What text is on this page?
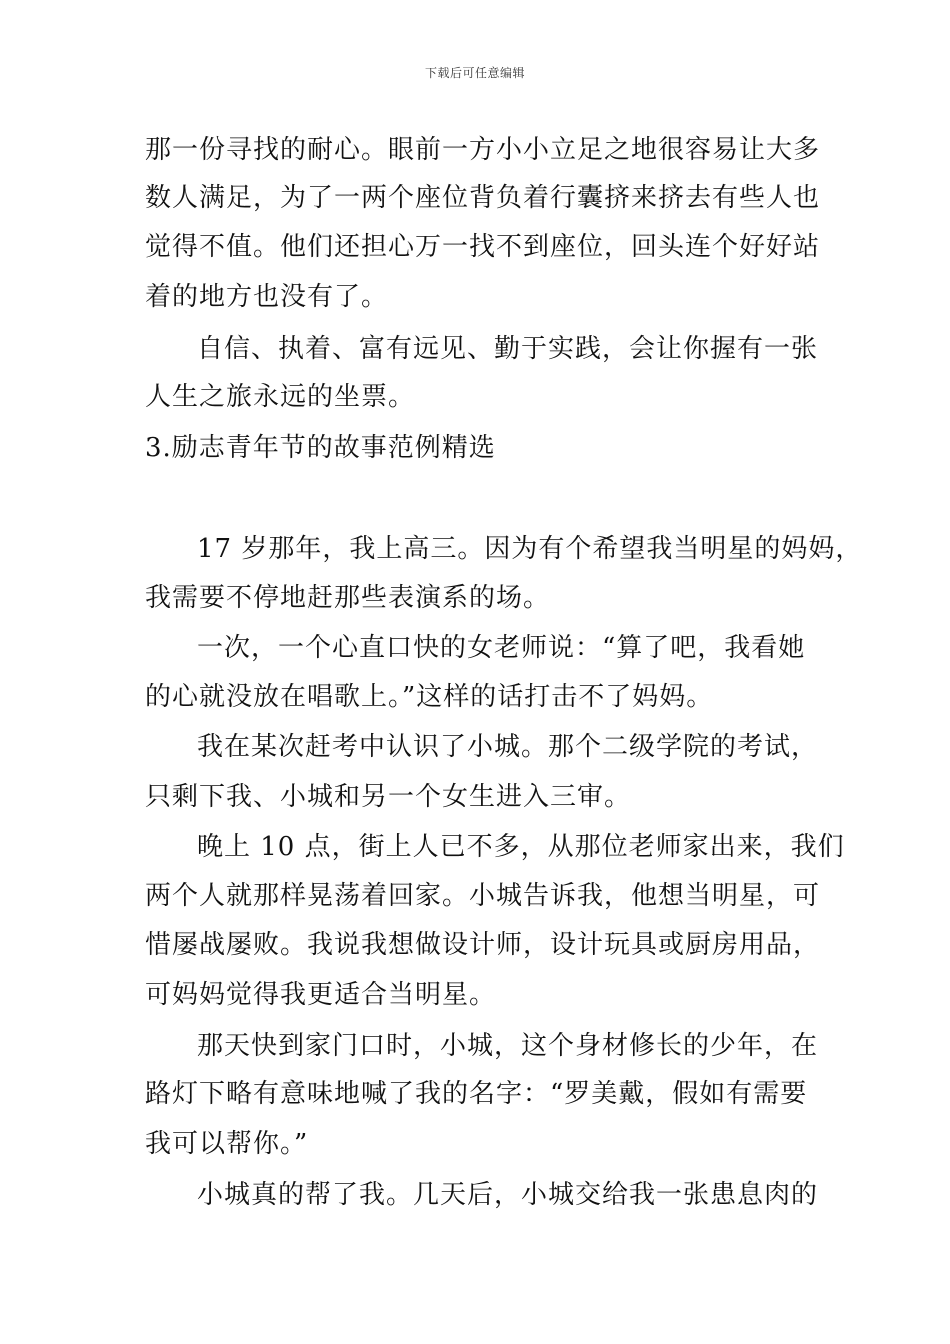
下载后可任意编辑
那一份寻找的耐心。眼前一方小小立足之地很容易让大多
数人满足，为了一两个座位背负着行囊挤来挤去有些人也
觉得不值。他们还担心万一找不到座位，回头连个好好站
着的地方也没有了。
自信、执着、富有远见、勤于实践，会让你握有一张
人生之旅永远的坐票。
3.励志青年节的故事范例精选
17 岁那年，我上高三。因为有个希望我当明星的妈妈，
我需要不停地赶那些表演系的场。
一次，一个心直口快的女老师说：“算了吧，我看她
的心就没放在唱歌上。”这样的话打击不了妈妈。
我在某次赶考中认识了小城。那个二级学院的考试，
只剩下我、小城和另一个女生进入三审。
晚上 10 点，街上人已不多，从那位老师家出来，我们
两个人就那样晃荡着回家。小城告诉我，他想当明星，可
惜屡战屡败。我说我想做设计师，设计玩具或厨房用品，
可妈妈觉得我更适合当明星。
那天快到家门口时，小城，这个身材修长的少年，在
路灯下略有意味地喊了我的名字：“罗美戴，假如有需要
我可以帮你。”
小城真的帮了我。几天后，小城交给我一张患息肉的
